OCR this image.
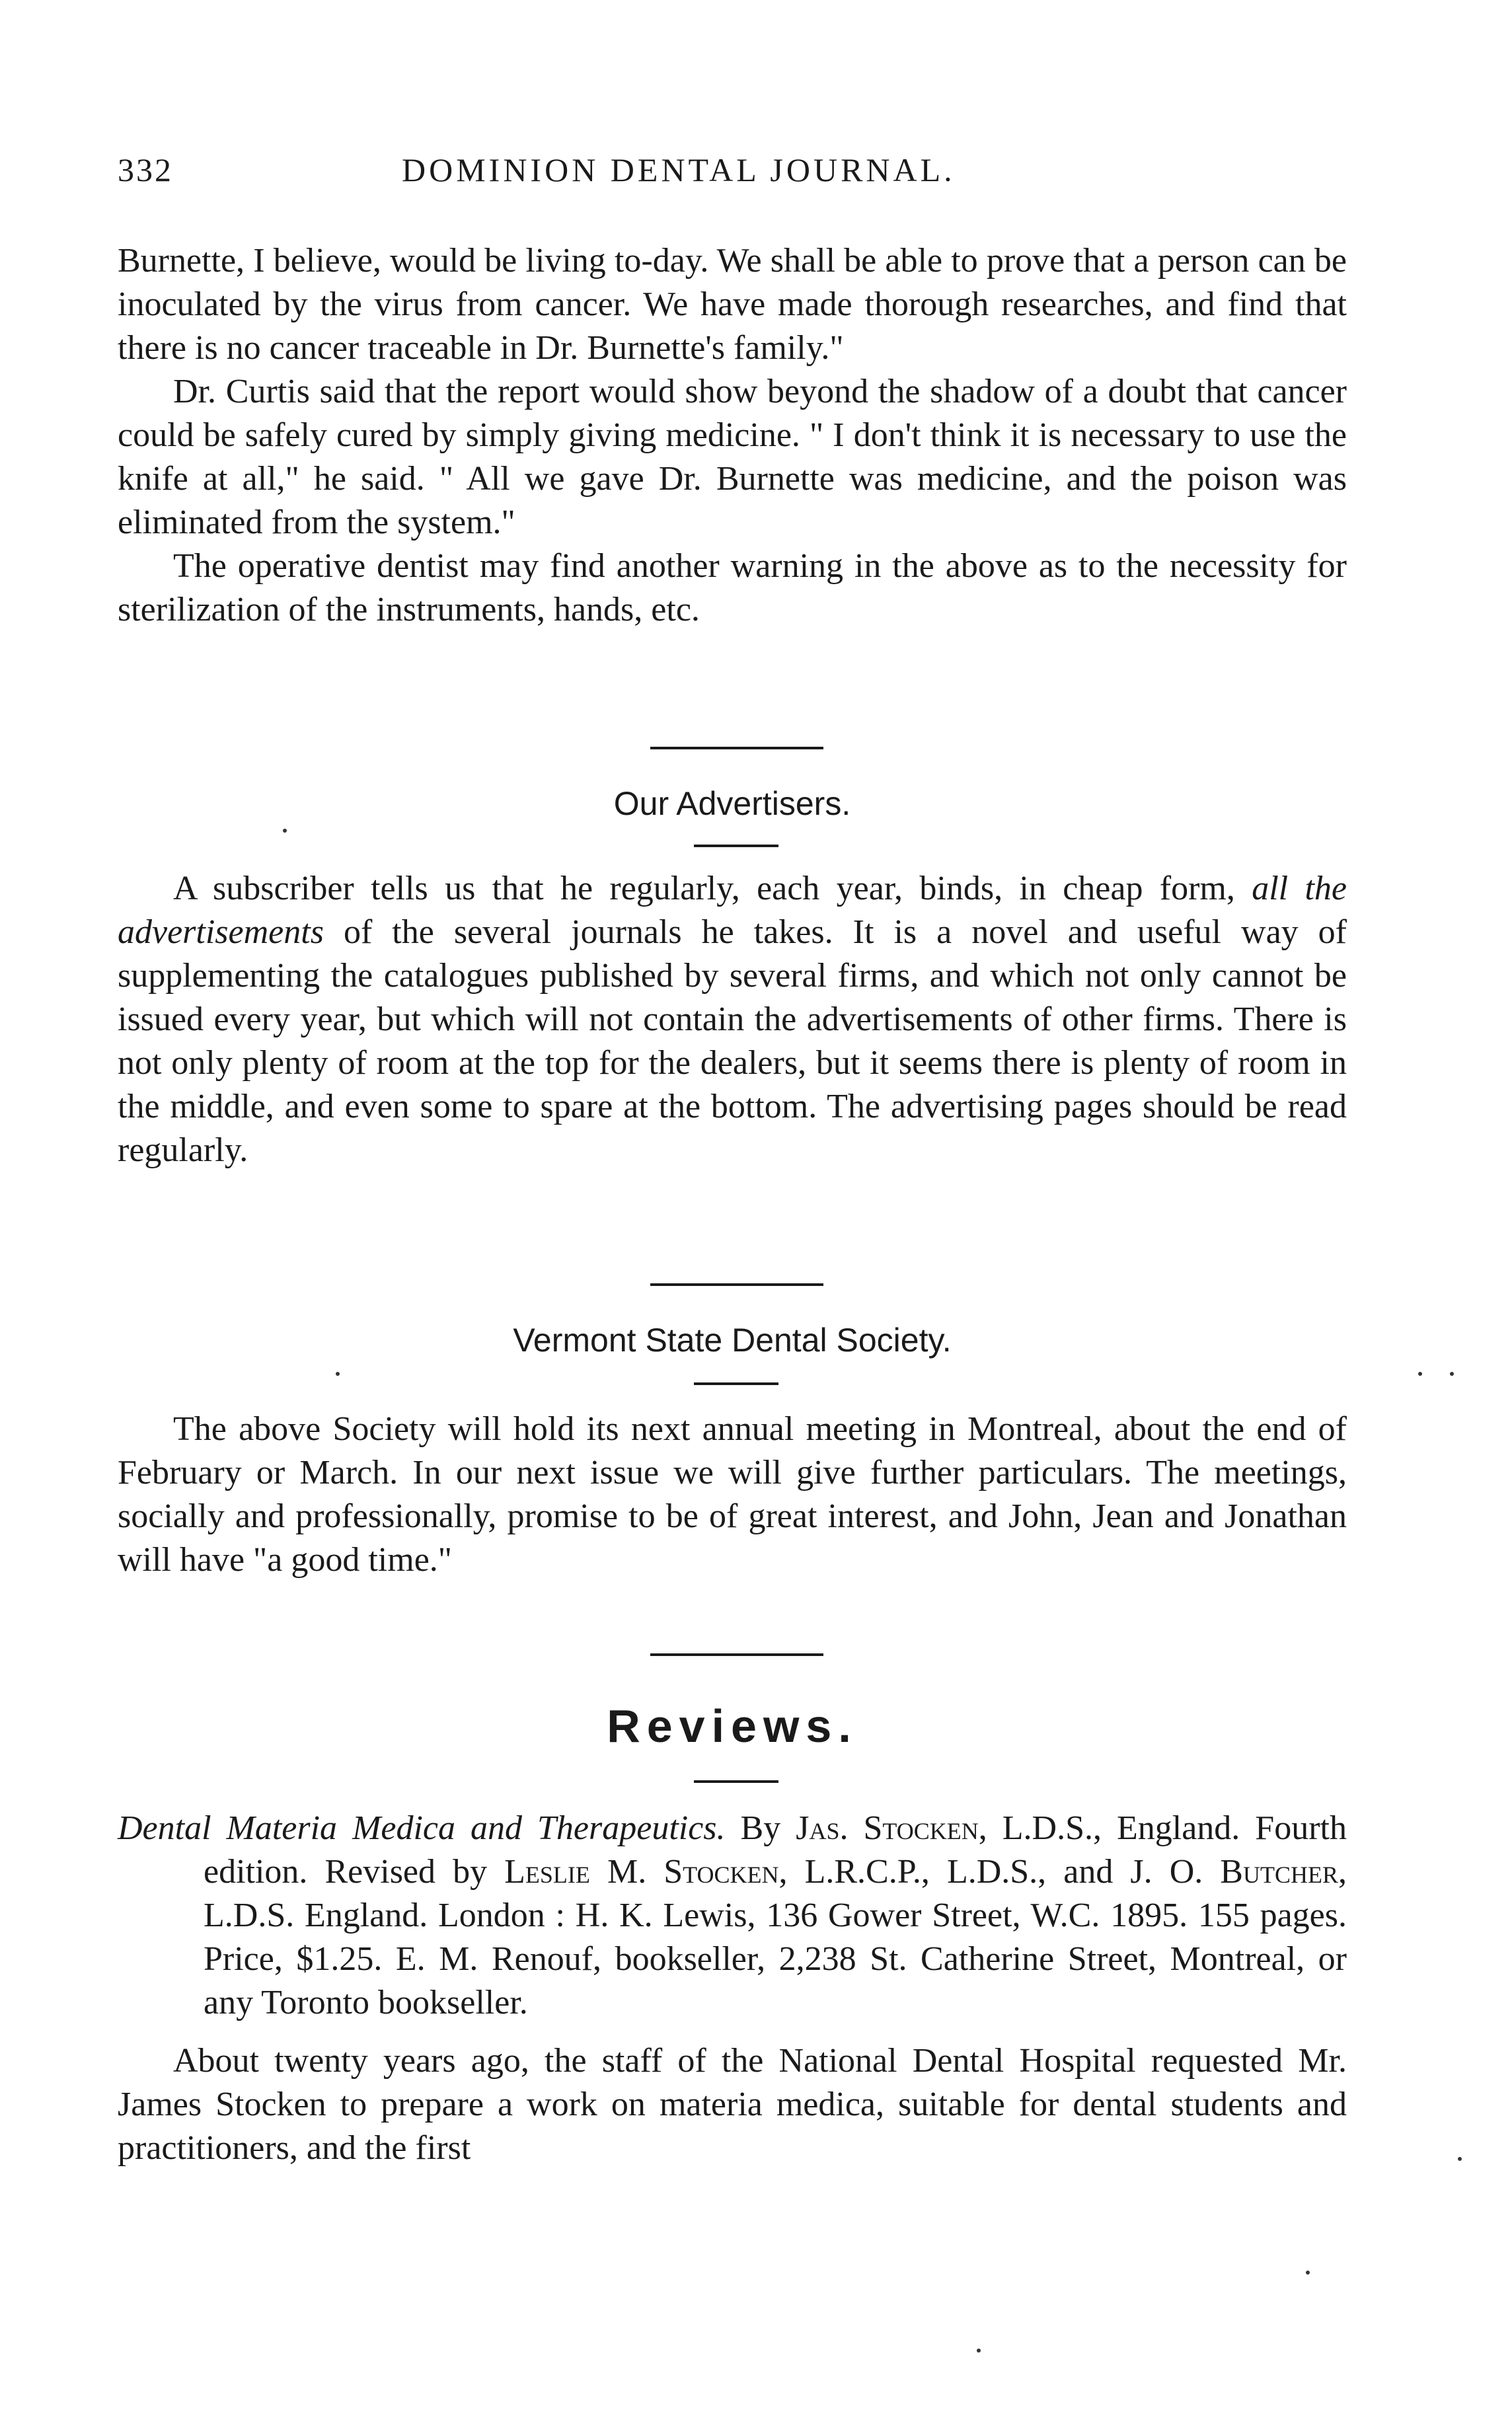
332	DOMINION DENTAL JOURNAL.

Burnette, I believe, would be living to-day. We shall be able to prove that a person can be inoculated by the virus from cancer. We have made thorough researches, and find that there is no cancer traceable in Dr. Burnette's family."

Dr. Curtis said that the report would show beyond the shadow of a doubt that cancer could be safely cured by simply giving medicine. " I don't think it is necessary to use the knife at all," he said. " All we gave Dr. Burnette was medicine, and the poison was eliminated from the system."

The operative dentist may find another warning in the above as to the necessity for sterilization of the instruments, hands, etc.

Our Advertisers.

A subscriber tells us that he regularly, each year, binds, in cheap form, all the advertisements of the several journals he takes. It is a novel and useful way of supplementing the catalogues published by several firms, and which not only cannot be issued every year, but which will not contain the advertisements of other firms. There is not only plenty of room at the top for the dealers, but it seems there is plenty of room in the middle, and even some to spare at the bottom. The advertising pages should be read regularly.

Vermont State Dental Society.

The above Society will hold its next annual meeting in Montreal, about the end of February or March. In our next issue we will give further particulars. The meetings, socially and professionally, promise to be of great interest, and John, Jean and Jonathan will have "a good time."

Reviews.

Dental Materia Medica and Therapeutics. By Jas. Stocken, L.D.S., England. Fourth edition. Revised by Leslie M. Stocken, L.R.C.P., L.D.S., and J. O. Butcher, L.D.S. England. London : H. K. Lewis, 136 Gower Street, W.C. 1895. 155 pages. Price, $1.25. E. M. Renouf, bookseller, 2,238 St. Catherine Street, Montreal, or any Toronto bookseller.

About twenty years ago, the staff of the National Dental Hospital requested Mr. James Stocken to prepare a work on materia medica, suitable for dental students and practitioners, and the first
